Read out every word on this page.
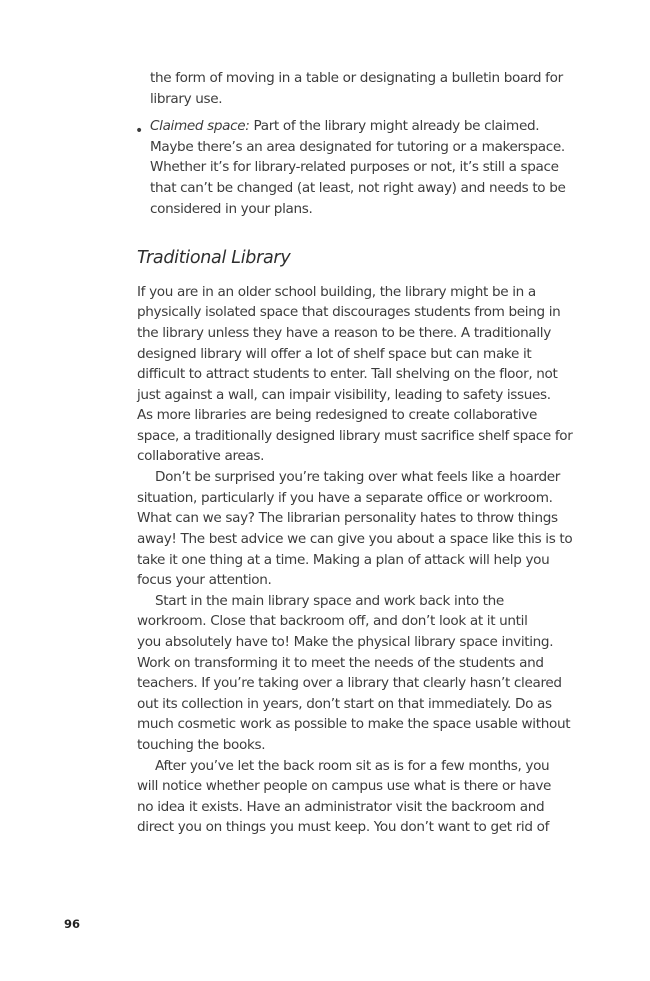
the form of moving in a table or designating a bulletin board for
library use.
• Claimed space: Part of the library might already be claimed.
Maybe there’s an area designated for tutoring or a makerspace.
Whether it’s for library-related purposes or not, it’s still a space
that can’t be changed (at least, not right away) and needs to be
considered in your plans.
Traditional Library
If you are in an older school building, the library might be in a
physically isolated space that discourages students from being in
the library unless they have a reason to be there. A traditionally
designed library will offer a lot of shelf space but can make it
difficult to attract students to enter. Tall shelving on the floor, not
just against a wall, can impair visibility, leading to safety issues.
As more libraries are being redesigned to create collaborative
space, a traditionally designed library must sacrifice shelf space for
collaborative areas.
Don’t be surprised you’re taking over what feels like a hoarder
situation, particularly if you have a separate office or workroom.
What can we say? The librarian personality hates to throw things
away! The best advice we can give you about a space like this is to
take it one thing at a time. Making a plan of attack will help you
focus your attention.
Start in the main library space and work back into the
workroom. Close that backroom off, and don’t look at it until
you absolutely have to! Make the physical library space inviting.
Work on transforming it to meet the needs of the students and
teachers. If you’re taking over a library that clearly hasn’t cleared
out its collection in years, don’t start on that immediately. Do as
much cosmetic work as possible to make the space usable without
touching the books.
After you’ve let the back room sit as is for a few months, you
will notice whether people on campus use what is there or have
no idea it exists. Have an administrator visit the backroom and
direct you on things you must keep. You don’t want to get rid of
96
